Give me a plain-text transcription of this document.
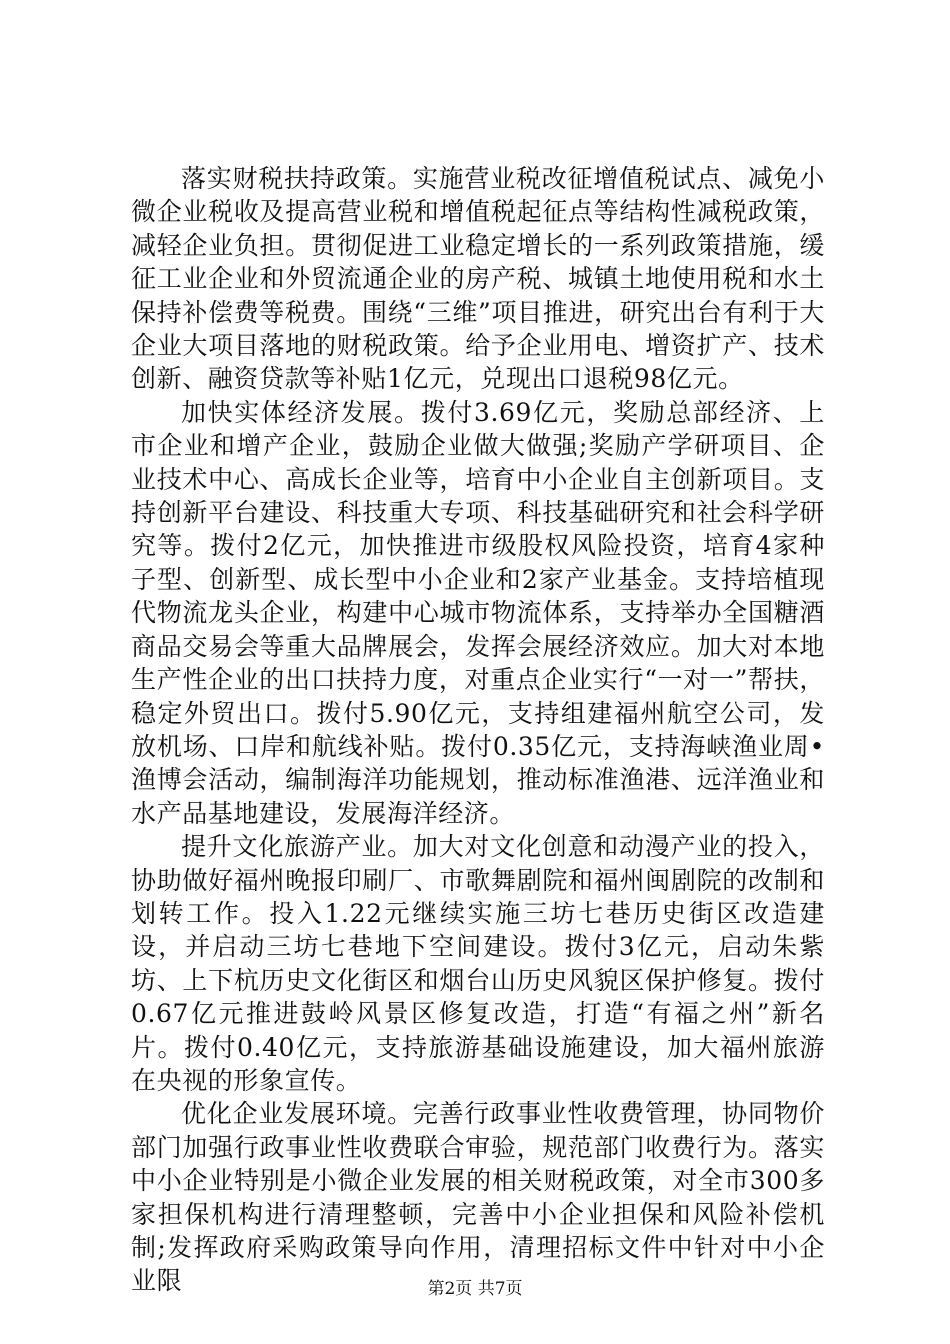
落实财税扶持政策。实施营业税改征增值税试点、减免小微企业税收及提高营业税和增值税起征点等结构性减税政策，减轻企业负担。贯彻促进工业稳定增长的一系列政策措施，缓征工业企业和外贸流通企业的房产税、城镇土地使用税和水土保持补偿费等税费。围绕“三维”项目推进，研究出台有利于大企业大项目落地的财税政策。给予企业用电、增资扩产、技术创新、融资贷款等补贴1亿元，兑现出口退税98亿元。

加快实体经济发展。拨付3.69亿元，奖励总部经济、上市企业和增产企业，鼓励企业做大做强;奖励产学研项目、企业技术中心、高成长企业等，培育中小企业自主创新项目。支持创新平台建设、科技重大专项、科技基础研究和社会科学研究等。拨付2亿元，加快推进市级股权风险投资，培育4家种子型、创新型、成长型中小企业和2家产业基金。支持培植现代物流龙头企业，构建中心城市物流体系，支持举办全国糖酒商品交易会等重大品牌展会，发挥会展经济效应。加大对本地生产性企业的出口扶持力度，对重点企业实行“一对一”帮扶，稳定外贸出口。拨付5.90亿元，支持组建福州航空公司，发放机场、口岸和航线补贴。拨付0.35亿元，支持海峡渔业周•渔博会活动，编制海洋功能规划，推动标准渔港、远洋渔业和水产品基地建设，发展海洋经济。

提升文化旅游产业。加大对文化创意和动漫产业的投入，协助做好福州晚报印刷厂、市歌舞剧院和福州闽剧院的改制和划转工作。投入1.22元继续实施三坊七巷历史街区改造建设，并启动三坊七巷地下空间建设。拨付3亿元，启动朱紫坊、上下杭历史文化街区和烟台山历史风貌区保护修复。拨付0.67亿元推进鼓岭风景区修复改造，打造“有福之州”新名片。拨付0.40亿元，支持旅游基础设施建设，加大福州旅游在央视的形象宣传。

优化企业发展环境。完善行政事业性收费管理，协同物价部门加强行政事业性收费联合审验，规范部门收费行为。落实中小企业特别是小微企业发展的相关财税政策，对全市300多家担保机构进行清理整顿，完善中小企业担保和风险补偿机制;发挥政府采购政策导向作用，清理招标文件中针对中小企业限	第2页 共7页
